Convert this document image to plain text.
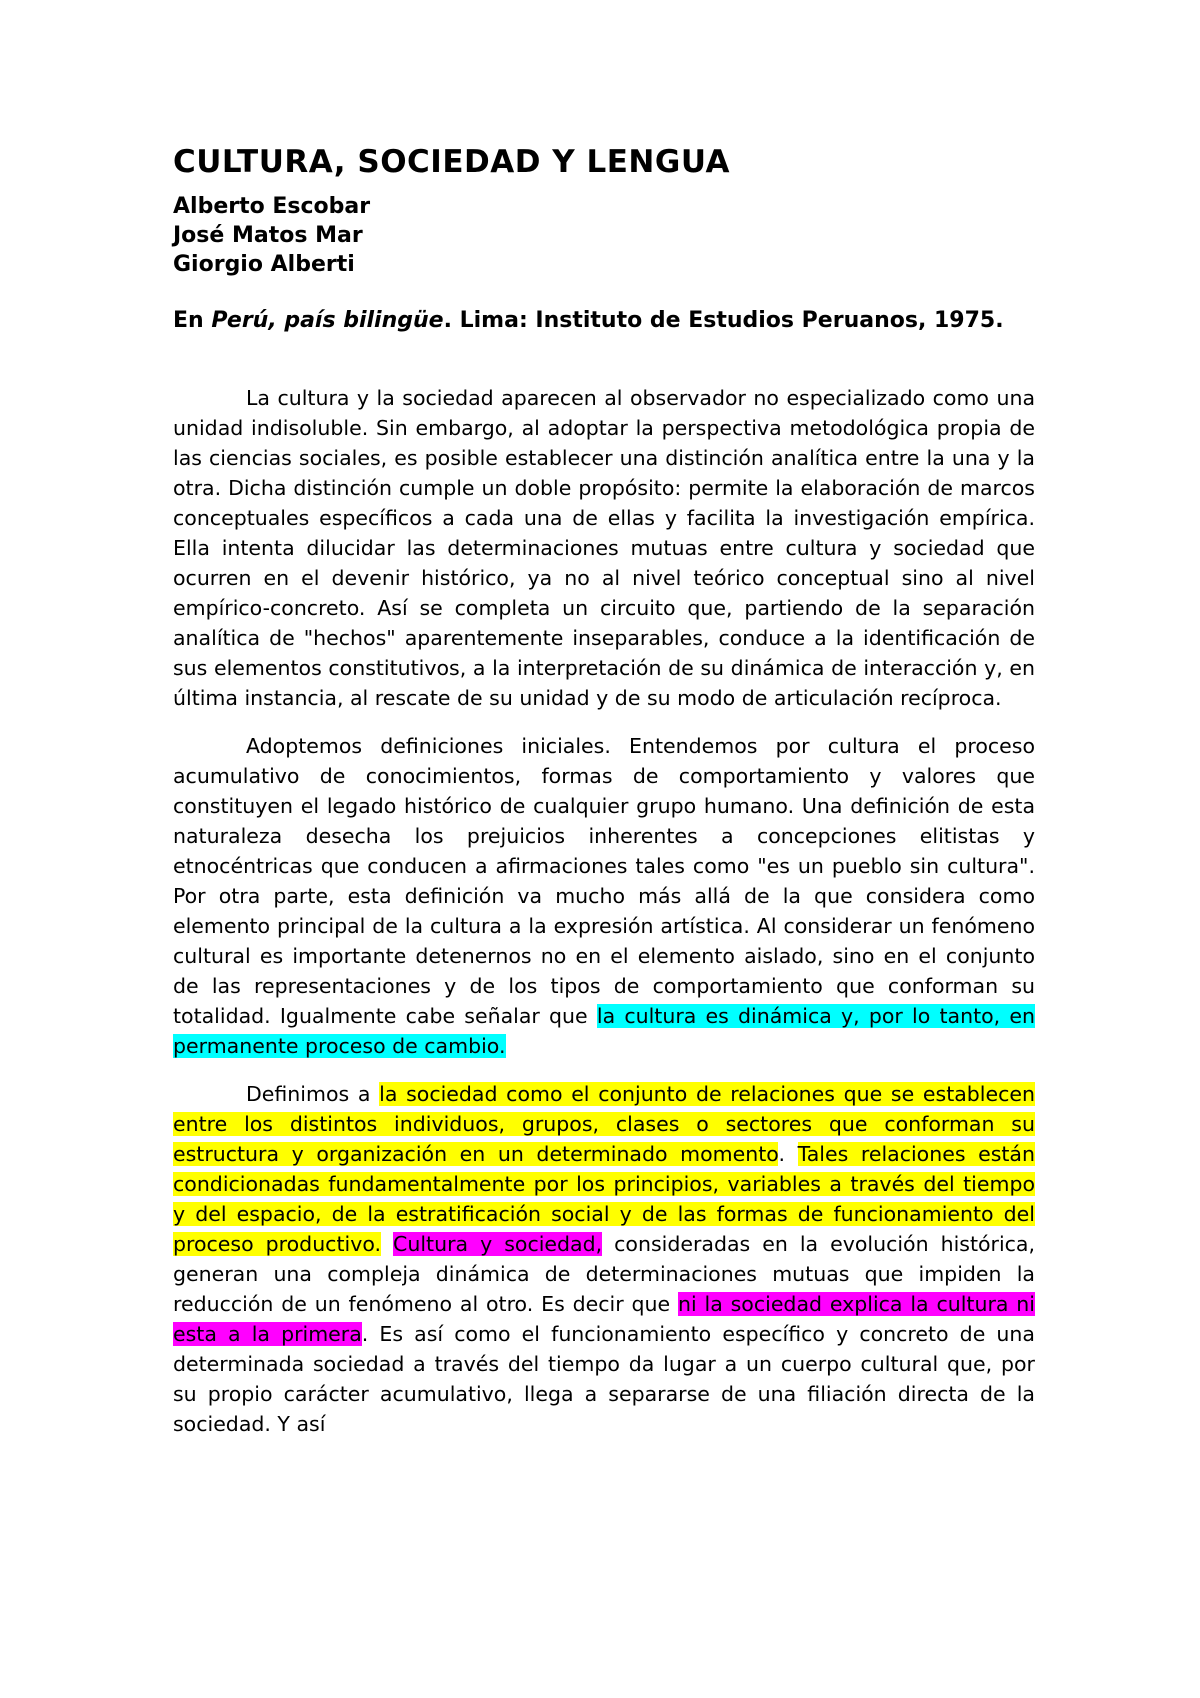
CULTURA, SOCIEDAD Y LENGUA

Alberto Escobar

José Matos Mar

Giorgio Alberti

En Perú, país bilingüe. Lima: Instituto de Estudios Peruanos, 1975.

La cultura y la sociedad aparecen al observador no especializado como una unidad indisoluble. Sin embargo, al adoptar la perspectiva metodológica propia de las ciencias sociales, es posible establecer una distinción analítica entre la una y la otra. Dicha distinción cumple un doble propósito: permite la elaboración de marcos conceptuales específicos a cada una de ellas y facilita la investigación empírica. Ella intenta dilucidar las determinaciones mutuas entre cultura y sociedad que ocurren en el devenir histórico, ya no al nivel teórico conceptual sino al nivel empírico-concreto. Así se completa un circuito que, partiendo de la separación analítica de "hechos" aparentemente inseparables, conduce a la identificación de sus elementos constitutivos, a la interpretación de su dinámica de interacción y, en última instancia, al rescate de su unidad y de su modo de articulación recíproca.

Adoptemos definiciones iniciales. Entendemos por cultura el proceso acumulativo de conocimientos, formas de comportamiento y valores que constituyen el legado histórico de cualquier grupo humano. Una definición de esta naturaleza desecha los prejuicios inherentes a concepciones elitistas y etnocéntricas que conducen a afirmaciones tales como "es un pueblo sin cultura". Por otra parte, esta definición va mucho más allá de la que considera como elemento principal de la cultura a la expresión artística. Al considerar un fenómeno cultural es importante detenernos no en el elemento aislado, sino en el conjunto de las representaciones y de los tipos de comportamiento que conforman su totalidad. Igualmente cabe señalar que la cultura es dinámica y, por lo tanto, en permanente proceso de cambio.

Definimos a la sociedad como el conjunto de relaciones que se establecen entre los distintos individuos, grupos, clases o sectores que conforman su estructura y organización en un determinado momento. Tales relaciones están condicionadas fundamentalmente por los principios, variables a través del tiempo y del espacio, de la estratificación social y de las formas de funcionamiento del proceso productivo. Cultura y sociedad, consideradas en la evolución histórica, generan una compleja dinámica de determinaciones mutuas que impiden la reducción de un fenómeno al otro. Es decir que ni la sociedad explica la cultura ni esta a la primera. Es así como el funcionamiento específico y concreto de una determinada sociedad a través del tiempo da lugar a un cuerpo cultural que, por su propio carácter acumulativo, llega a separarse de una filiación directa de la sociedad. Y así
